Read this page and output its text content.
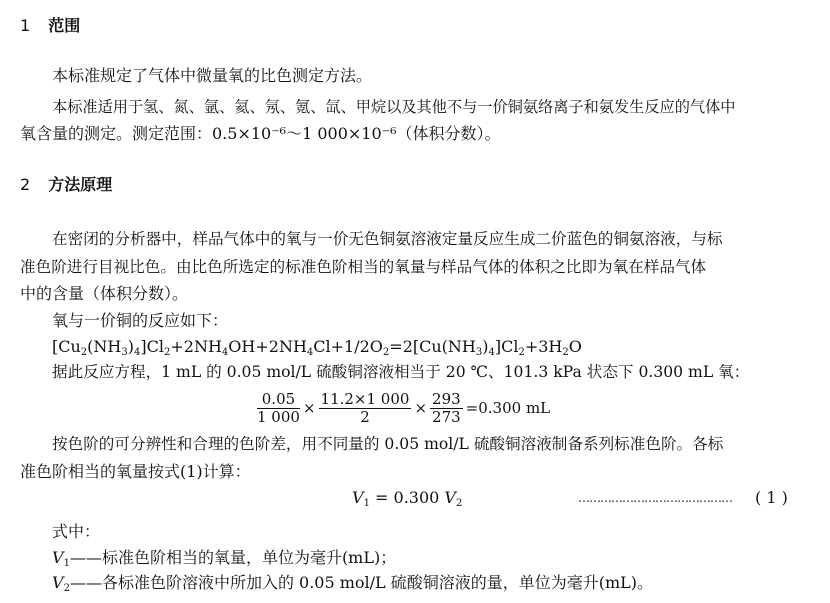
1 范围
本标准规定了气体中微量氧的比色测定方法。
本标准适用于氢、氮、氩、氦、氖、氪、氙、甲烷以及其他不与一价铜氨络离子和氨发生反应的气体中
氧含量的测定。测定范围：0.5×10⁻⁶～1 000×10⁻⁶（体积分数）。
2 方法原理
在密闭的分析器中，样品气体中的氧与一价无色铜氨溶液定量反应生成二价蓝色的铜氨溶液，与标
准色阶进行目视比色。由比色所选定的标准色阶相当的氧量与样品气体的体积之比即为氧在样品气体
中的含量（体积分数）。
氧与一价铜的反应如下：
$[Cu_2(NH_3)_4]Cl_2+2NH_4OH+2NH_4Cl+1/2O_2=2[Cu(NH_3)_4]Cl_2+3H_2O$
据此反应方程，1 mL 的 0.05 mol/L 硫酸铜溶液相当于 20 ℃、101.3 kPa 状态下 0.300 mL 氧：
$\frac{0.05}{1 000} \times \frac{11.2\times 1 000}{2} \times \frac{293}{273} =0.300$ mL
按色阶的可分辨性和合理的色阶差，用不同量的 0.05 mol/L 硫酸铜溶液制备系列标准色阶。各标
准色阶相当的氧量按式(1)计算：
$V_1 = 0.300$ $V_2$	…………………………………… ( 1 )
式中：
$V_1——$标准色阶相当的氧量，单位为毫升(mL)；
$V_2——$各标准色阶溶液中所加入的 0.05 mol/L 硫酸铜溶液的量，单位为毫升(mL)。
